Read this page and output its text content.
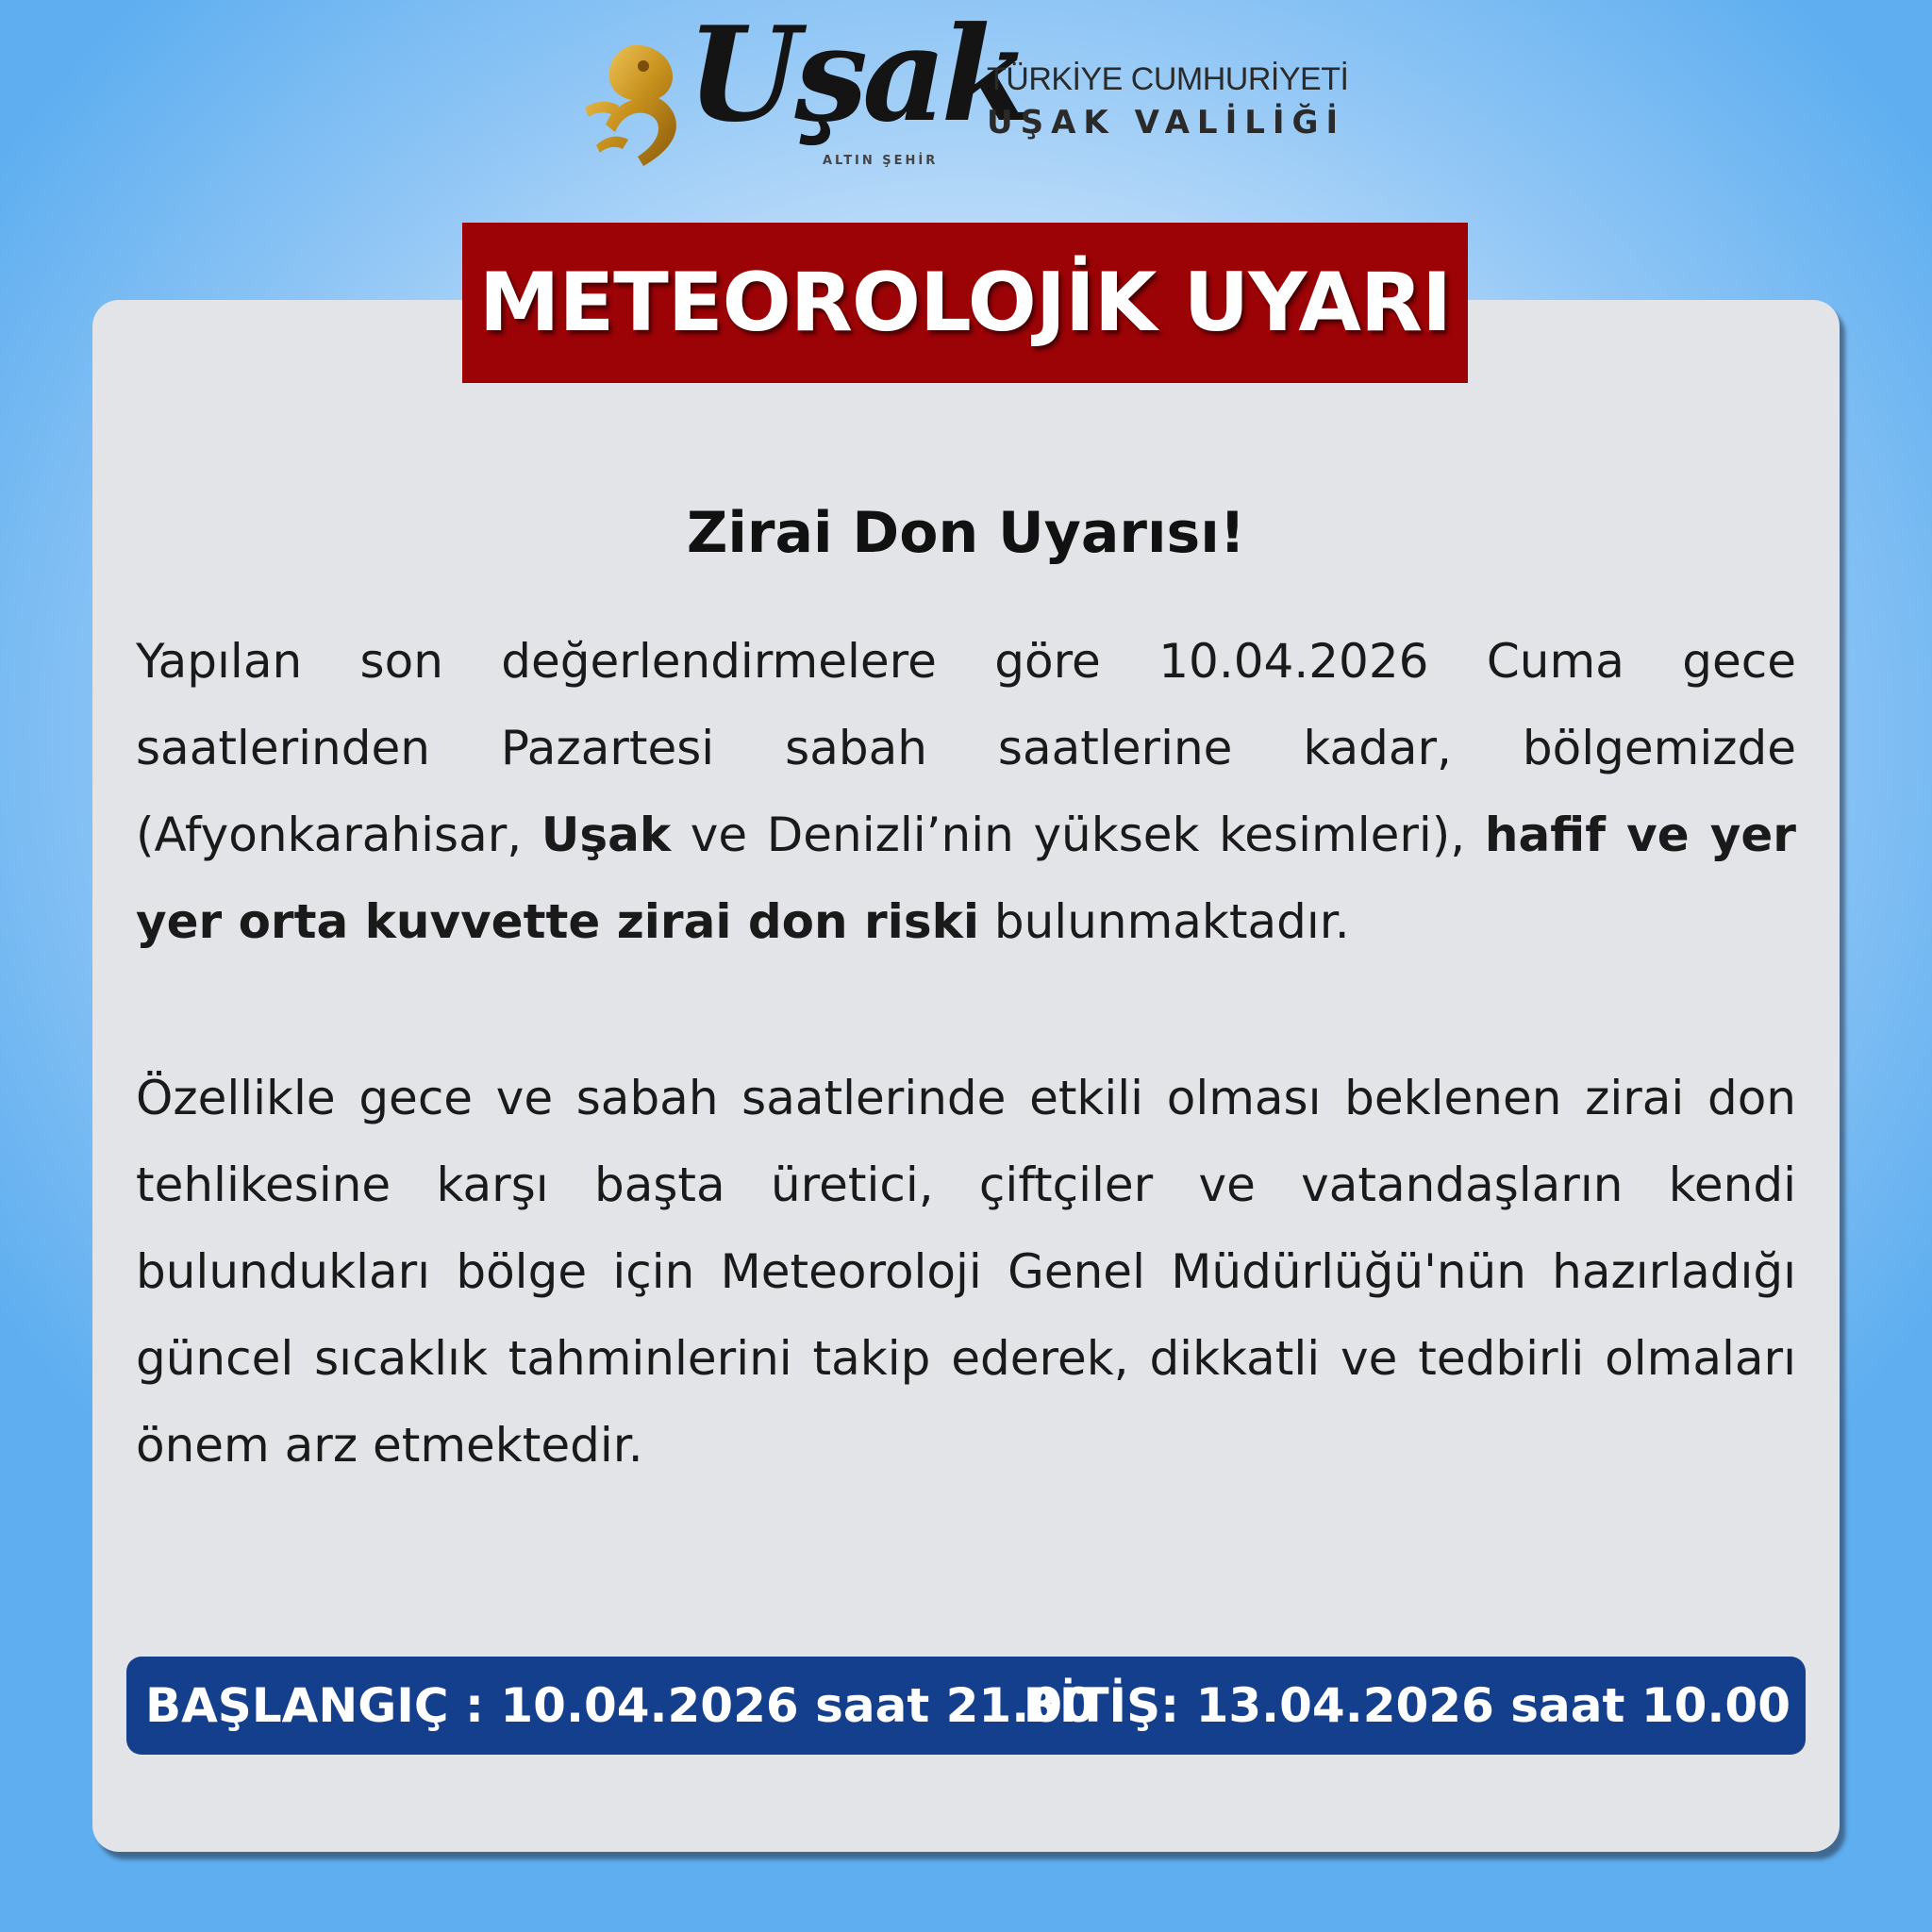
Uşak
ALTIN ŞEHİR
TÜRKİYE CUMHURİYETİ
UŞAK VALİLİĞİ
METEOROLOJİK UYARI
Zirai Don Uyarısı!

Yapılan son değerlendirmelere göre 10.04.2026 Cuma gece saatlerinden Pazartesi sabah saatlerine kadar, bölgemizde (Afyonkarahisar, Uşak ve Denizli’nin yüksek kesimleri), hafif ve yer yer orta kuvvette zirai don riski bulunmaktadır.

Özellikle gece ve sabah saatlerinde etkili olması beklenen zirai don tehlikesine karşı başta üretici, çiftçiler ve vatandaşların kendi bulundukları bölge için Meteoroloji Genel Müdürlüğü'nün hazırladığı güncel sıcaklık tahminlerini takip ederek, dikkatli ve tedbirli olmaları önem arz etmektedir.

BAŞLANGIÇ : 10.04.2026 saat 21.00
BİTİŞ: 13.04.2026 saat 10.00
